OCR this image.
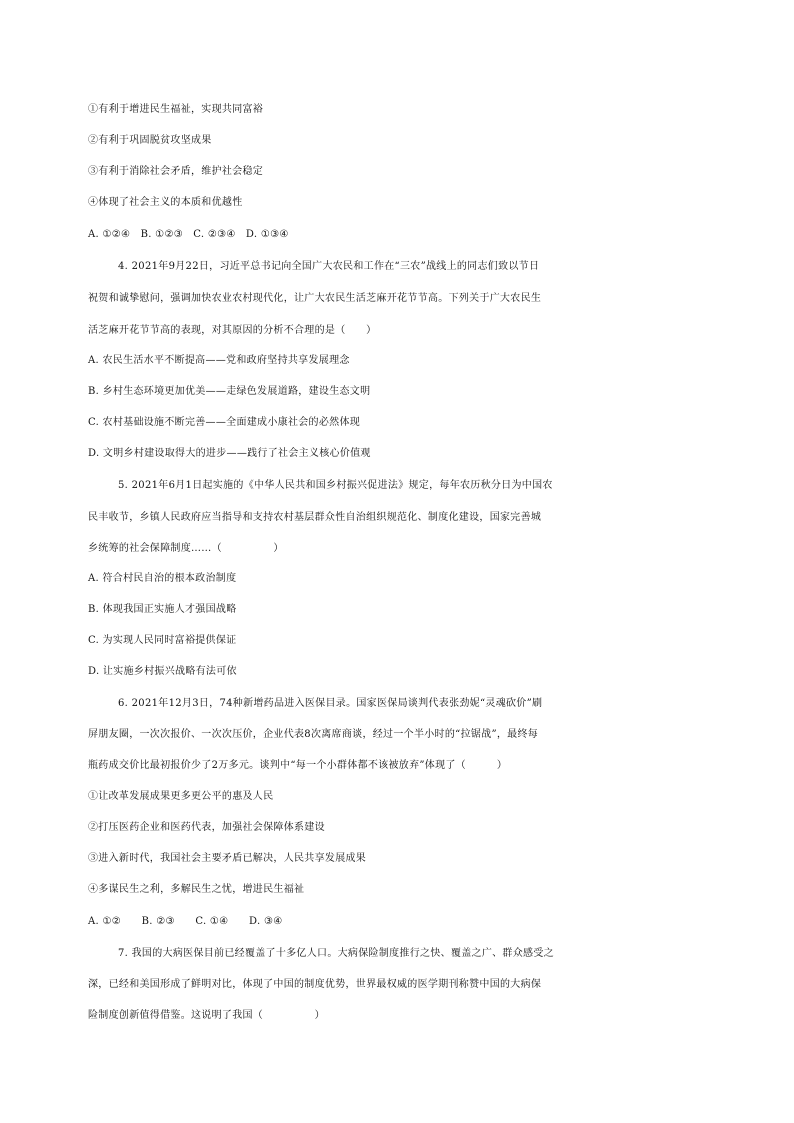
①有利于增进民生福祉，实现共同富裕
②有利于巩固脱贫攻坚成果
③有利于消除社会矛盾，维护社会稳定
④体现了社会主义的本质和优越性
A. ①②④　B. ①②③　C. ②③④　D. ①③④
4. 2021年9月22日，习近平总书记向全国广大农民和工作在“三农”战线上的同志们致以节日
祝贺和诚挚慰问，强调加快农业农村现代化，让广大农民生活芝麻开花节节高。下列关于广大农民生
活芝麻开花节节高的表现，对其原因的分析不合理的是（　　）
A. 农民生活水平不断提高——党和政府坚持共享发展理念
B. 乡村生态环境更加优美——走绿色发展道路，建设生态文明
C. 农村基础设施不断完善——全面建成小康社会的必然体现
D. 文明乡村建设取得大的进步——践行了社会主义核心价值观
5. 2021年6月1日起实施的《中华人民共和国乡村振兴促进法》规定，每年农历秋分日为中国农
民丰收节，乡镇人民政府应当指导和支持农村基层群众性自治组织规范化、制度化建设，国家完善城
乡统筹的社会保障制度……（　　　　　）
A. 符合村民自治的根本政治制度
B. 体现我国正实施人才强国战略
C. 为实现人民同时富裕提供保证
D. 让实施乡村振兴战略有法可依
6. 2021年12月3日，74种新增药品进入医保目录。国家医保局谈判代表张劲妮“灵魂砍价”刷
屏朋友圈，一次次报价、一次次压价，企业代表8次离席商谈，经过一个半小时的“拉锯战”，最终每
瓶药成交价比最初报价少了2万多元。谈判中“每一个小群体都不该被放弃”体现了（　　　）
①让改革发展成果更多更公平的惠及人民
②打压医药企业和医药代表，加强社会保障体系建设
③进入新时代，我国社会主要矛盾已解决，人民共享发展成果
④多谋民生之利，多解民生之忧，增进民生福祉
A. ①②　　B. ②③　　C. ①④　　D. ③④
7. 我国的大病医保目前已经覆盖了十多亿人口。大病保险制度推行之快、覆盖之广、群众感受之
深，已经和美国形成了鲜明对比，体现了中国的制度优势，世界最权威的医学期刊称赞中国的大病保
险制度创新值得借鉴。这说明了我国（　　　　　）
